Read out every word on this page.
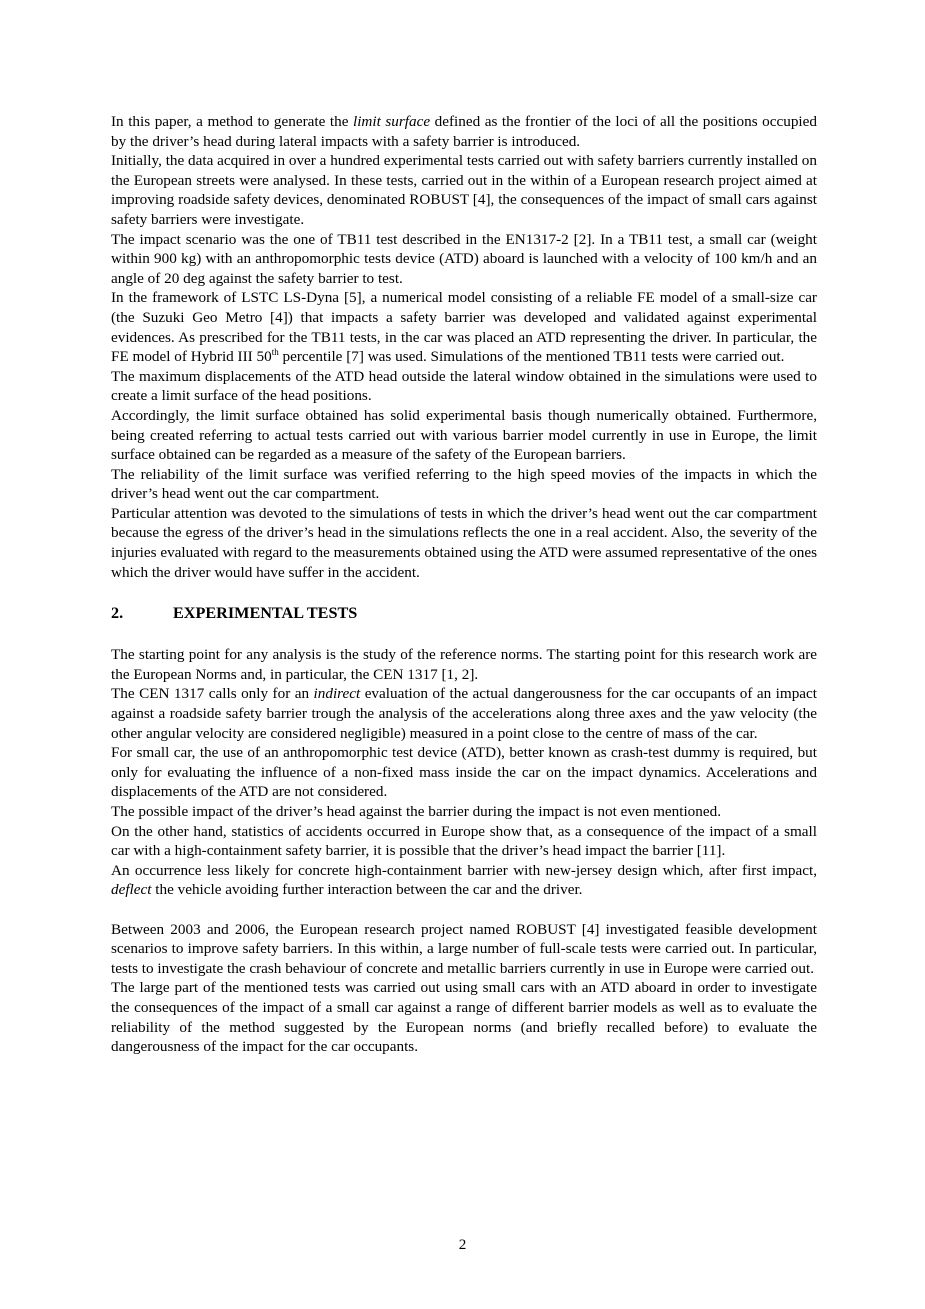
In this paper, a method to generate the limit surface defined as the frontier of the loci of all the positions occupied by the driver’s head during lateral impacts with a safety barrier is introduced.

Initially, the data acquired in over a hundred experimental tests carried out with safety barriers currently installed on the European streets were analysed. In these tests, carried out in the within of a European research project aimed at improving roadside safety devices, denominated ROBUST [4], the consequences of the impact of small cars against safety barriers were investigate.

The impact scenario was the one of TB11 test described in the EN1317-2 [2]. In a TB11 test, a small car (weight within 900 kg) with an anthropomorphic tests device (ATD) aboard is launched with a velocity of 100 km/h and an angle of 20 deg against the safety barrier to test.

In the framework of LSTC LS-Dyna [5], a numerical model consisting of a reliable FE model of a small-size car (the Suzuki Geo Metro [4]) that impacts a safety barrier was developed and validated against experimental evidences. As prescribed for the TB11 tests, in the car was placed an ATD representing the driver. In particular, the FE model of Hybrid III 50th percentile [7] was used. Simulations of the mentioned TB11 tests were carried out.

The maximum displacements of the ATD head outside the lateral window obtained in the simulations were used to create a limit surface of the head positions.

Accordingly, the limit surface obtained has solid experimental basis though numerically obtained. Furthermore, being created referring to actual tests carried out with various barrier model currently in use in Europe, the limit surface obtained can be regarded as a measure of the safety of the European barriers.

The reliability of the limit surface was verified referring to the high speed movies of the impacts in which the driver’s head went out the car compartment.

Particular attention was devoted to the simulations of tests in which the driver’s head went out the car compartment because the egress of the driver’s head in the simulations reflects the one in a real accident. Also, the severity of the injuries evaluated with regard to the measurements obtained using the ATD were assumed representative of the ones which the driver would have suffer in the accident.

2.	EXPERIMENTAL TESTS

The starting point for any analysis is the study of the reference norms. The starting point for this research work are the European Norms and, in particular, the CEN 1317 [1, 2].

The CEN 1317 calls only for an indirect evaluation of the actual dangerousness for the car occupants of an impact against a roadside safety barrier trough the analysis of the accelerations along three axes and the yaw velocity (the other angular velocity are considered negligible) measured in a point close to the centre of mass of the car.

For small car, the use of an anthropomorphic test device (ATD), better known as crash-test dummy is required, but only for evaluating the influence of a non-fixed mass inside the car on the impact dynamics. Accelerations and displacements of the ATD are not considered.

The possible impact of the driver’s head against the barrier during the impact is not even mentioned.

On the other hand, statistics of accidents occurred in Europe show that, as a consequence of the impact of a small car with a high-containment safety barrier, it is possible that the driver’s head impact the barrier [11].

An occurrence less likely for concrete high-containment barrier with new-jersey design which, after first impact, deflect the vehicle avoiding further interaction between the car and the driver.

Between 2003 and 2006, the European research project named ROBUST [4] investigated feasible development scenarios to improve safety barriers. In this within, a large number of full-scale tests were carried out. In particular, tests to investigate the crash behaviour of concrete and metallic barriers currently in use in Europe were carried out.

The large part of the mentioned tests was carried out using small cars with an ATD aboard in order to investigate the consequences of the impact of a small car against a range of different barrier models as well as to evaluate the reliability of the method suggested by the European norms (and briefly recalled before) to evaluate the dangerousness of the impact for the car occupants.

2
